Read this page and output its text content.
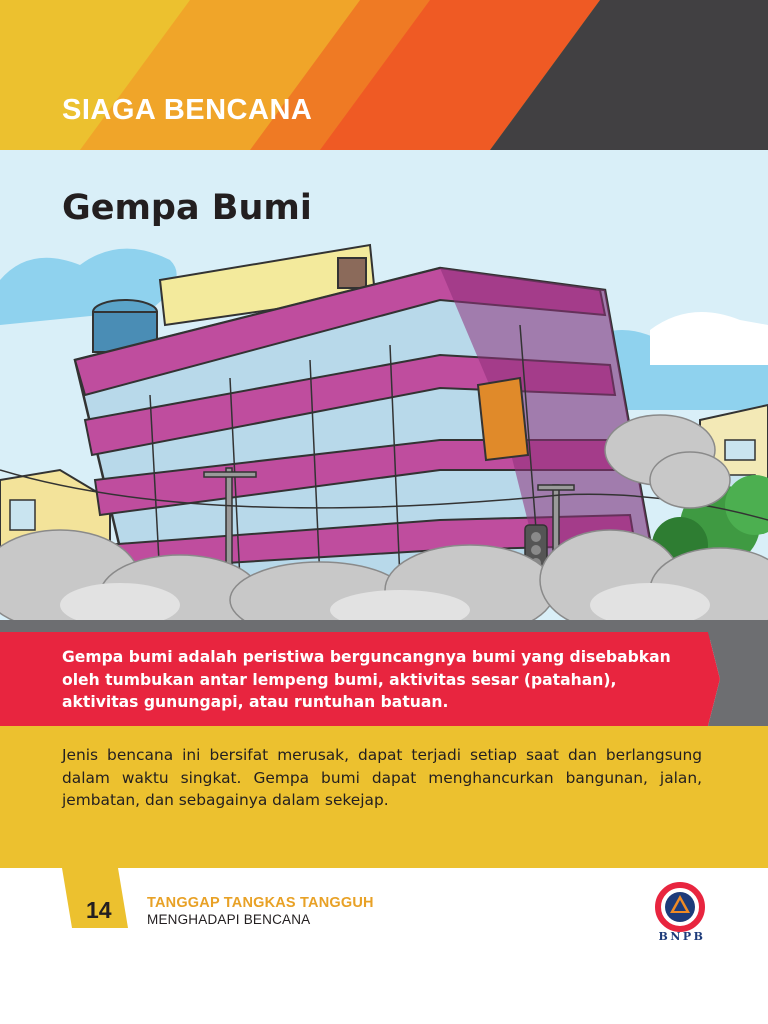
SIAGA BENCANA
Gempa Bumi
Gempa bumi adalah peristiwa berguncangnya bumi yang disebabkan oleh tumbukan antar lempeng bumi, aktivitas sesar (patahan), aktivitas gunungapi, atau runtuhan batuan.
Jenis bencana ini bersifat merusak, dapat terjadi setiap saat dan berlangsung dalam waktu singkat. Gempa bumi dapat menghancurkan bangunan, jalan, jembatan, dan sebagainya dalam sekejap.
14 TANGGAP TANGKAS TANGGUH
MENGHADAPI BENCANA
BNPB
